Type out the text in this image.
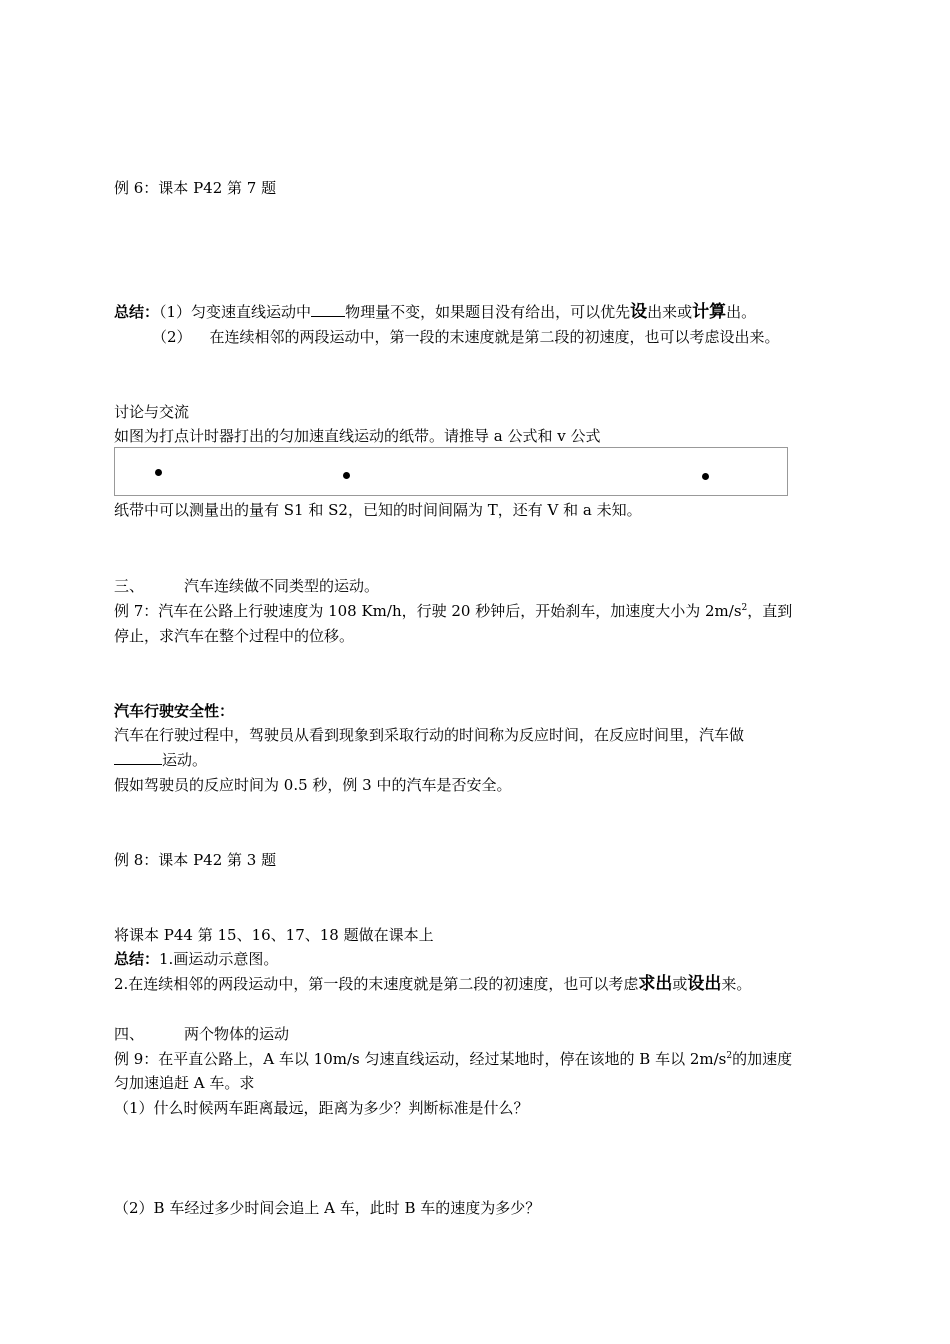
例 6：课本 P42 第 7 题
总结：（1）匀变速直线运动中 物理量不变，如果题目没有给出，可以优先设出来或计算出。
（2） 在连续相邻的两段运动中，第一段的末速度就是第二段的初速度，也可以考虑设出来。
讨论与交流
如图为打点计时器打出的匀加速直线运动的纸带。请推导 a 公式和 v 公式
纸带中可以测量出的量有 S1 和 S2，已知的时间间隔为 T，还有 V 和 a 未知。
三、	汽车连续做不同类型的运动。
例 7：汽车在公路上行驶速度为 108 Km/h，行驶 20 秒钟后，开始刹车，加速度大小为 $2m/s^2$，直到
停止，求汽车在整个过程中的位移。
汽车行驶安全性：
汽车在行驶过程中，驾驶员从看到现象到采取行动的时间称为反应时间，在反应时间里，汽车做
运动。
假如驾驶员的反应时间为 0.5 秒，例 3 中的汽车是否安全。
例 8：课本 P42 第 3 题
将课本 P44 第 15、16、17、18 题做在课本上
总结：1.画运动示意图。
2.在连续相邻的两段运动中，第一段的末速度就是第二段的初速度，也可以考虑求出或设出来。
四、	两个物体的运动
例 9：在平直公路上，A 车以 10m/s 匀速直线运动，经过某地时，停在该地的 B 车以 $2m/s^2$的加速度
匀加速追赶 A 车。求
（1）什么时候两车距离最远，距离为多少？判断标准是什么？
（2）B 车经过多少时间会追上 A 车，此时 B 车的速度为多少？
